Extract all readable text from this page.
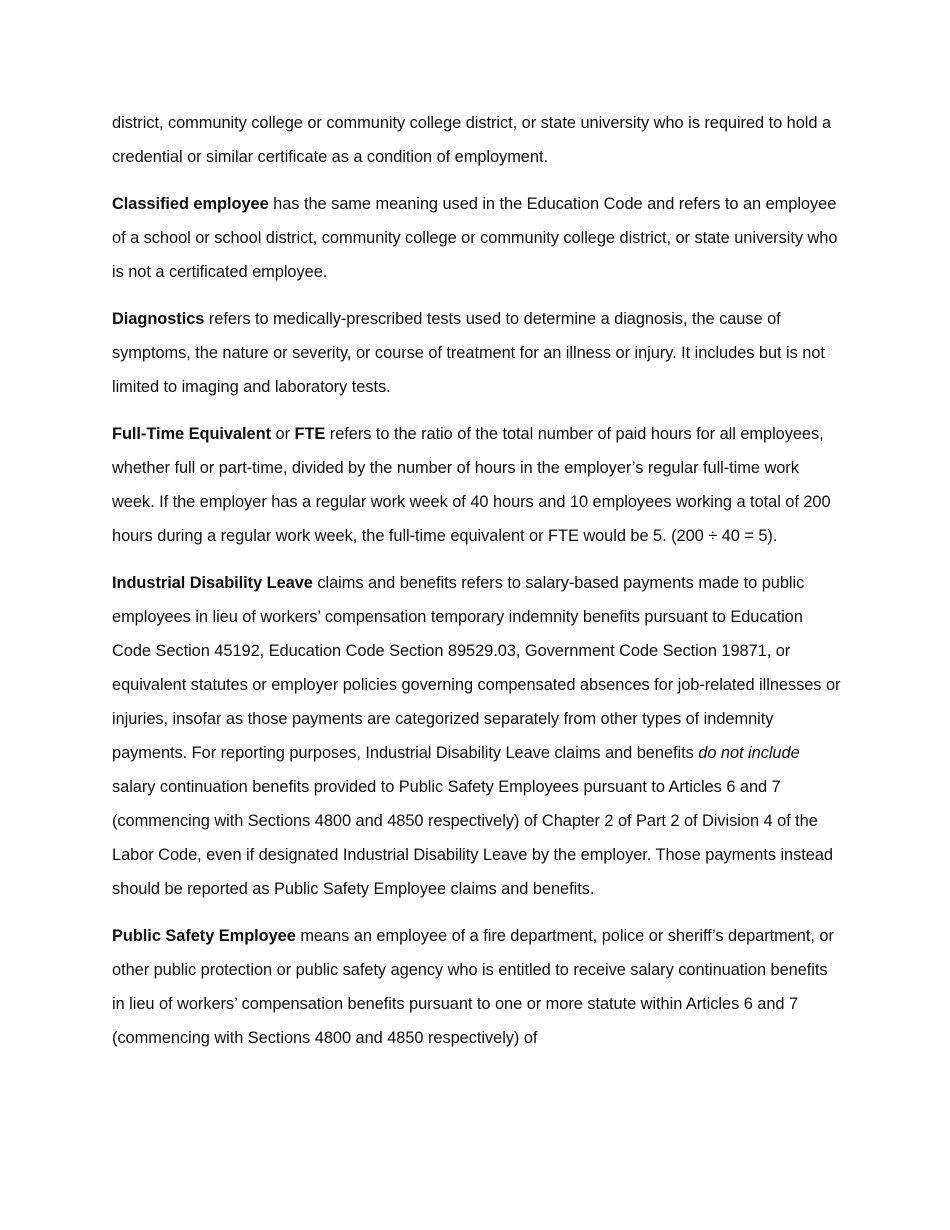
district, community college or community college district, or state university who is required to hold a credential or similar certificate as a condition of employment.

Classified employee has the same meaning used in the Education Code and refers to an employee of a school or school district, community college or community college district, or state university who is not a certificated employee.

Diagnostics refers to medically-prescribed tests used to determine a diagnosis, the cause of symptoms, the nature or severity, or course of treatment for an illness or injury. It includes but is not limited to imaging and laboratory tests.

Full-Time Equivalent or FTE refers to the ratio of the total number of paid hours for all employees, whether full or part-time, divided by the number of hours in the employer’s regular full-time work week. If the employer has a regular work week of 40 hours and 10 employees working a total of 200 hours during a regular work week, the full-time equivalent or FTE would be 5. (200 ÷ 40 = 5).

Industrial Disability Leave claims and benefits refers to salary-based payments made to public employees in lieu of workers’ compensation temporary indemnity benefits pursuant to Education Code Section 45192, Education Code Section 89529.03, Government Code Section 19871, or equivalent statutes or employer policies governing compensated absences for job-related illnesses or injuries, insofar as those payments are categorized separately from other types of indemnity payments. For reporting purposes, Industrial Disability Leave claims and benefits do not include salary continuation benefits provided to Public Safety Employees pursuant to Articles 6 and 7 (commencing with Sections 4800 and 4850 respectively) of Chapter 2 of Part 2 of Division 4 of the Labor Code, even if designated Industrial Disability Leave by the employer. Those payments instead should be reported as Public Safety Employee claims and benefits.

Public Safety Employee means an employee of a fire department, police or sheriff’s department, or other public protection or public safety agency who is entitled to receive salary continuation benefits in lieu of workers’ compensation benefits pursuant to one or more statute within Articles 6 and 7 (commencing with Sections 4800 and 4850 respectively) of
